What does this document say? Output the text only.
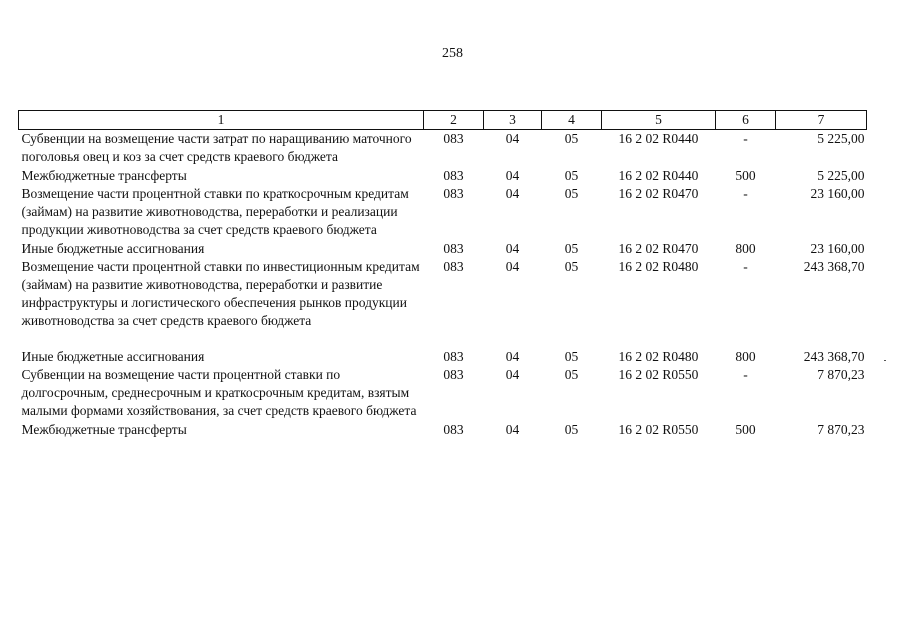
258
1	2	3	4	5	6	7
Субвенции на возмещение части затрат по наращиванию маточного поголовья овец и коз за счет средств краевого бюджета	083	04	05	16 2 02 R0440	-	5 225,00
Межбюджетные трансферты	083	04	05	16 2 02 R0440	500	5 225,00
Возмещение части процентной ставки по краткосрочным кредитам (займам) на развитие животноводства, переработки и реализации продукции животноводства за счет средств краевого бюджета	083	04	05	16 2 02 R0470	-	23 160,00
Иные бюджетные ассигнования	083	04	05	16 2 02 R0470	800	23 160,00
Возмещение части процентной ставки по инвестиционным кредитам (займам) на развитие животноводства, переработки и развитие инфраструктуры и логистического обеспечения рынков продукции животноводства за счет средств краевого бюджета	083	04	05	16 2 02 R0480	-	243 368,70

Иные бюджетные ассигнования	083	04	05	16 2 02 R0480	800	243 368,70
Субвенции на возмещение части процентной ставки по долгосрочным, среднесрочным и краткосрочным кредитам, взятым малыми формами хозяйствования, за счет средств краевого бюджета	083	04	05	16 2 02 R0550	-	7 870,23
Межбюджетные трансферты	083	04	05	16 2 02 R0550	500	7 870,23
